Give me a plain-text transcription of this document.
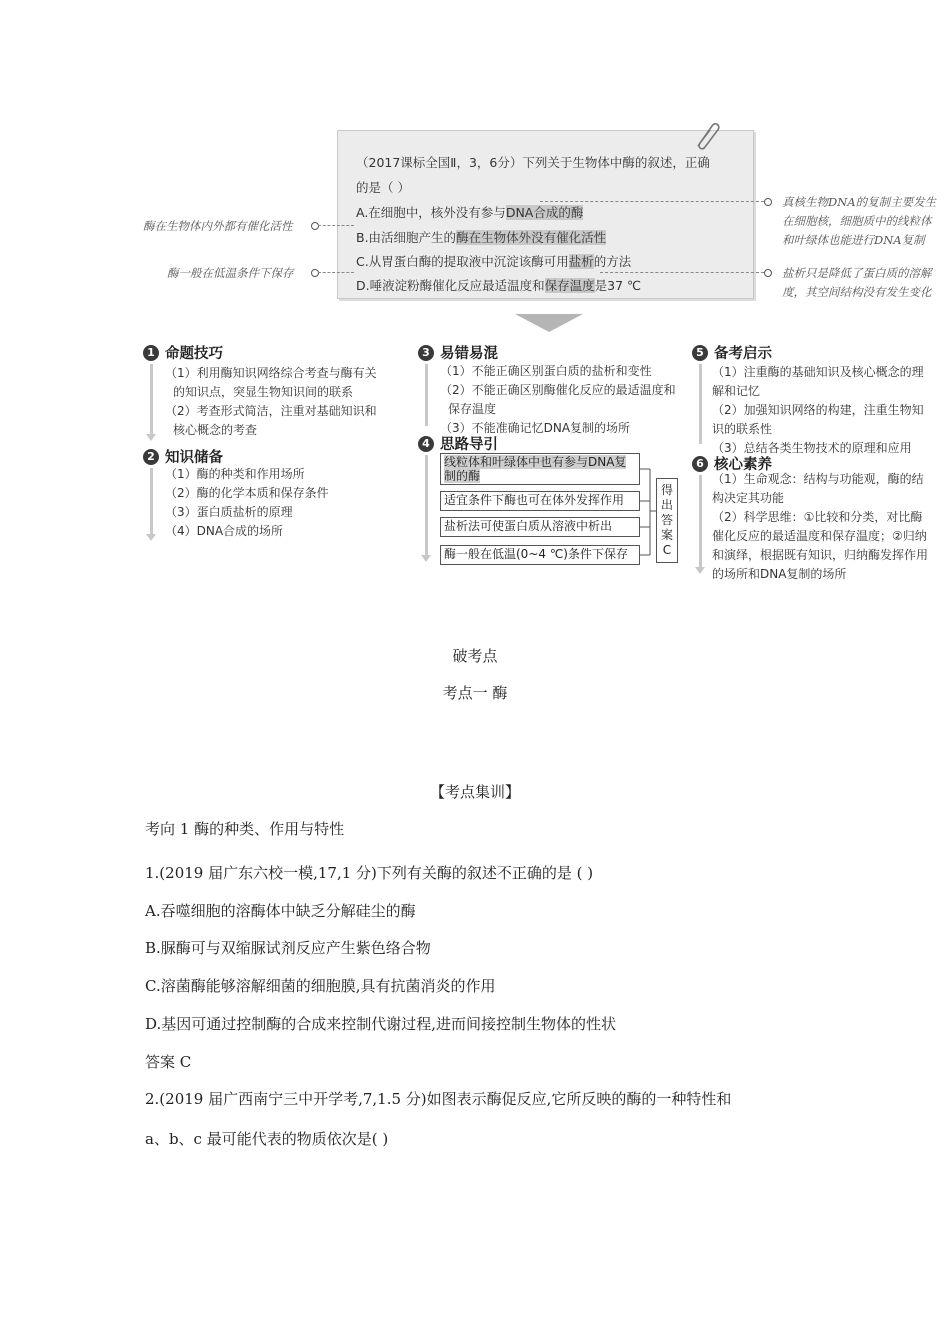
（2017课标全国Ⅱ，3，6分）下列关于生物体中酶的叙述，正确
的是（ ）
A.在细胞中，核外没有参与DNA合成的酶
B.由活细胞产生的酶在生物体外没有催化活性
C.从胃蛋白酶的提取液中沉淀该酶可用盐析的方法
D.唾液淀粉酶催化反应最适温度和保存温度是37 ℃
酶在生物体内外都有催化活性
酶一般在低温条件下保存
真核生物DNA的复制主要发生
在细胞核，细胞质中的线粒体
和叶绿体也能进行DNA复制
盐析只是降低了蛋白质的溶解
度，其空间结构没有发生变化
1 命题技巧
（1）利用酶知识网络综合考查与酶有关
的知识点，突显生物知识间的联系
（2）考查形式简洁，注重对基础知识和
核心概念的考查
2 知识储备
（1）酶的种类和作用场所
（2）酶的化学本质和保存条件
（3）蛋白质盐析的原理
（4）DNA合成的场所
3 易错易混
（1）不能正确区别蛋白质的盐析和变性
（2）不能正确区别酶催化反应的最适温度和
保存温度
（3）不能准确记忆DNA复制的场所
4 思路导引
线粒体和叶绿体中也有参与DNA复制的酶
适宜条件下酶也可在体外发挥作用
盐析法可使蛋白质从溶液中析出
酶一般在低温(0~4 ℃)条件下保存
得出答案C
5 备考启示
（1）注重酶的基础知识及核心概念的理
解和记忆
（2）加强知识网络的构建，注重生物知
识的联系性
（3）总结各类生物技术的原理和应用
6 核心素养
（1）生命观念：结构与功能观，酶的结
构决定其功能
（2）科学思维：①比较和分类，对比酶
催化反应的最适温度和保存温度；②归纳
和演绎，根据既有知识，归纳酶发挥作用
的场所和DNA复制的场所
破考点
考点一 酶
【考点集训】
考向 1 酶的种类、作用与特性
1.(2019 届广东六校一模,17,1 分)下列有关酶的叙述不正确的是 ( )
A.吞噬细胞的溶酶体中缺乏分解硅尘的酶
B.脲酶可与双缩脲试剂反应产生紫色络合物
C.溶菌酶能够溶解细菌的细胞膜,具有抗菌消炎的作用
D.基因可通过控制酶的合成来控制代谢过程,进而间接控制生物体的性状
答案 C
2.(2019 届广西南宁三中开学考,7,1.5 分)如图表示酶促反应,它所反映的酶的一种特性和
a、b、c 最可能代表的物质依次是( )
